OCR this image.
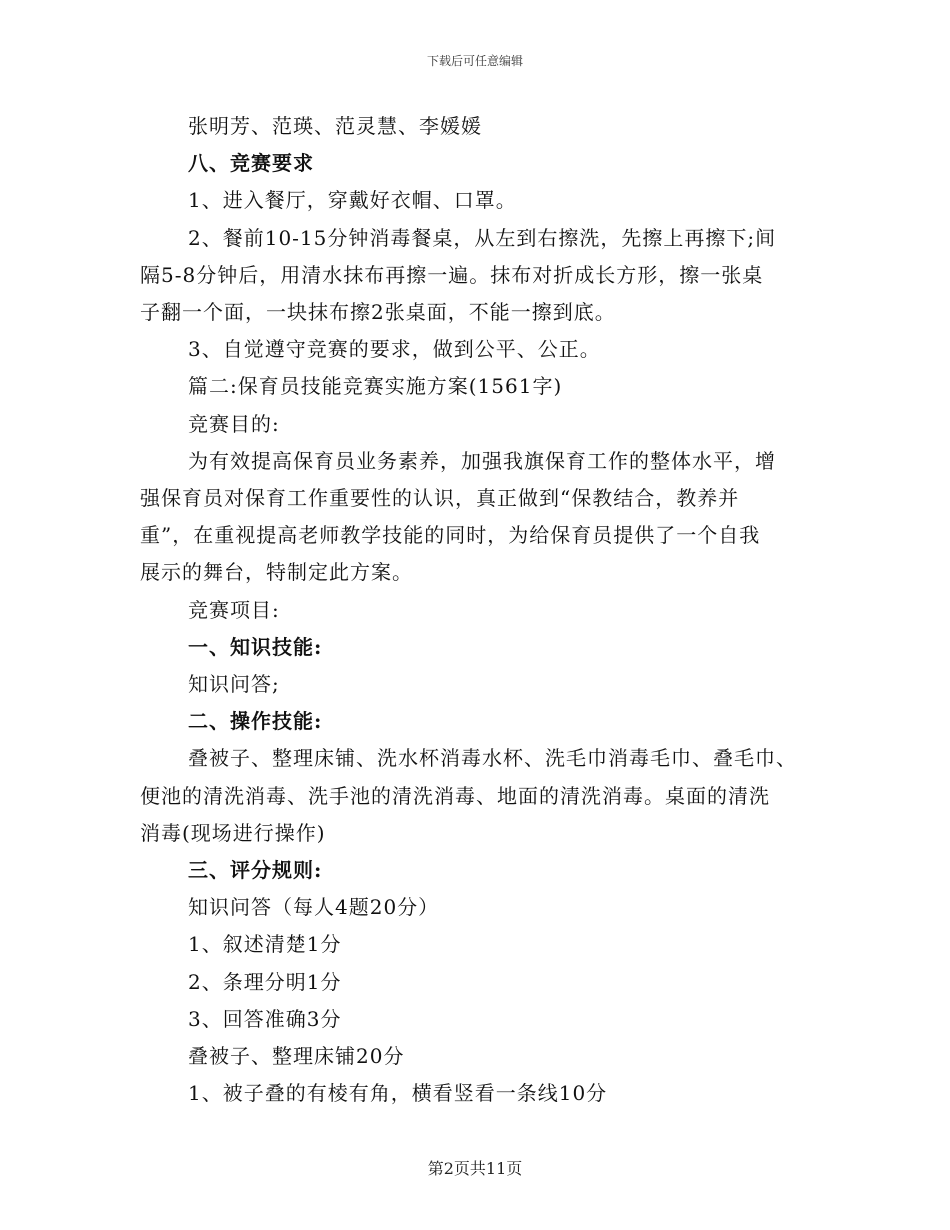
下载后可任意编辑
张明芳、范瑛、范灵慧、李媛媛
八、竞赛要求
1、进入餐厅，穿戴好衣帽、口罩。
2、餐前10-15分钟消毒餐桌，从左到右擦洗，先擦上再擦下;间
隔5-8分钟后，用清水抹布再擦一遍。抹布对折成长方形，擦一张桌
子翻一个面，一块抹布擦2张桌面，不能一擦到底。
3、自觉遵守竞赛的要求，做到公平、公正。
篇二:保育员技能竞赛实施方案(1561字)
竞赛目的:
为有效提高保育员业务素养，加强我旗保育工作的整体水平，增
强保育员对保育工作重要性的认识，真正做到“保教结合，教养并
重”，在重视提高老师教学技能的同时，为给保育员提供了一个自我
展示的舞台，特制定此方案。
竞赛项目:
一、知识技能:
知识问答;
二、操作技能:
叠被子、整理床铺、洗水杯消毒水杯、洗毛巾消毒毛巾、叠毛巾、
便池的清洗消毒、洗手池的清洗消毒、地面的清洗消毒。桌面的清洗
消毒(现场进行操作)
三、评分规则:
知识问答（每人4题20分）
1、叙述清楚1分
2、条理分明1分
3、回答准确3分
叠被子、整理床铺20分
1、被子叠的有棱有角，横看竖看一条线10分
第2页共11页
